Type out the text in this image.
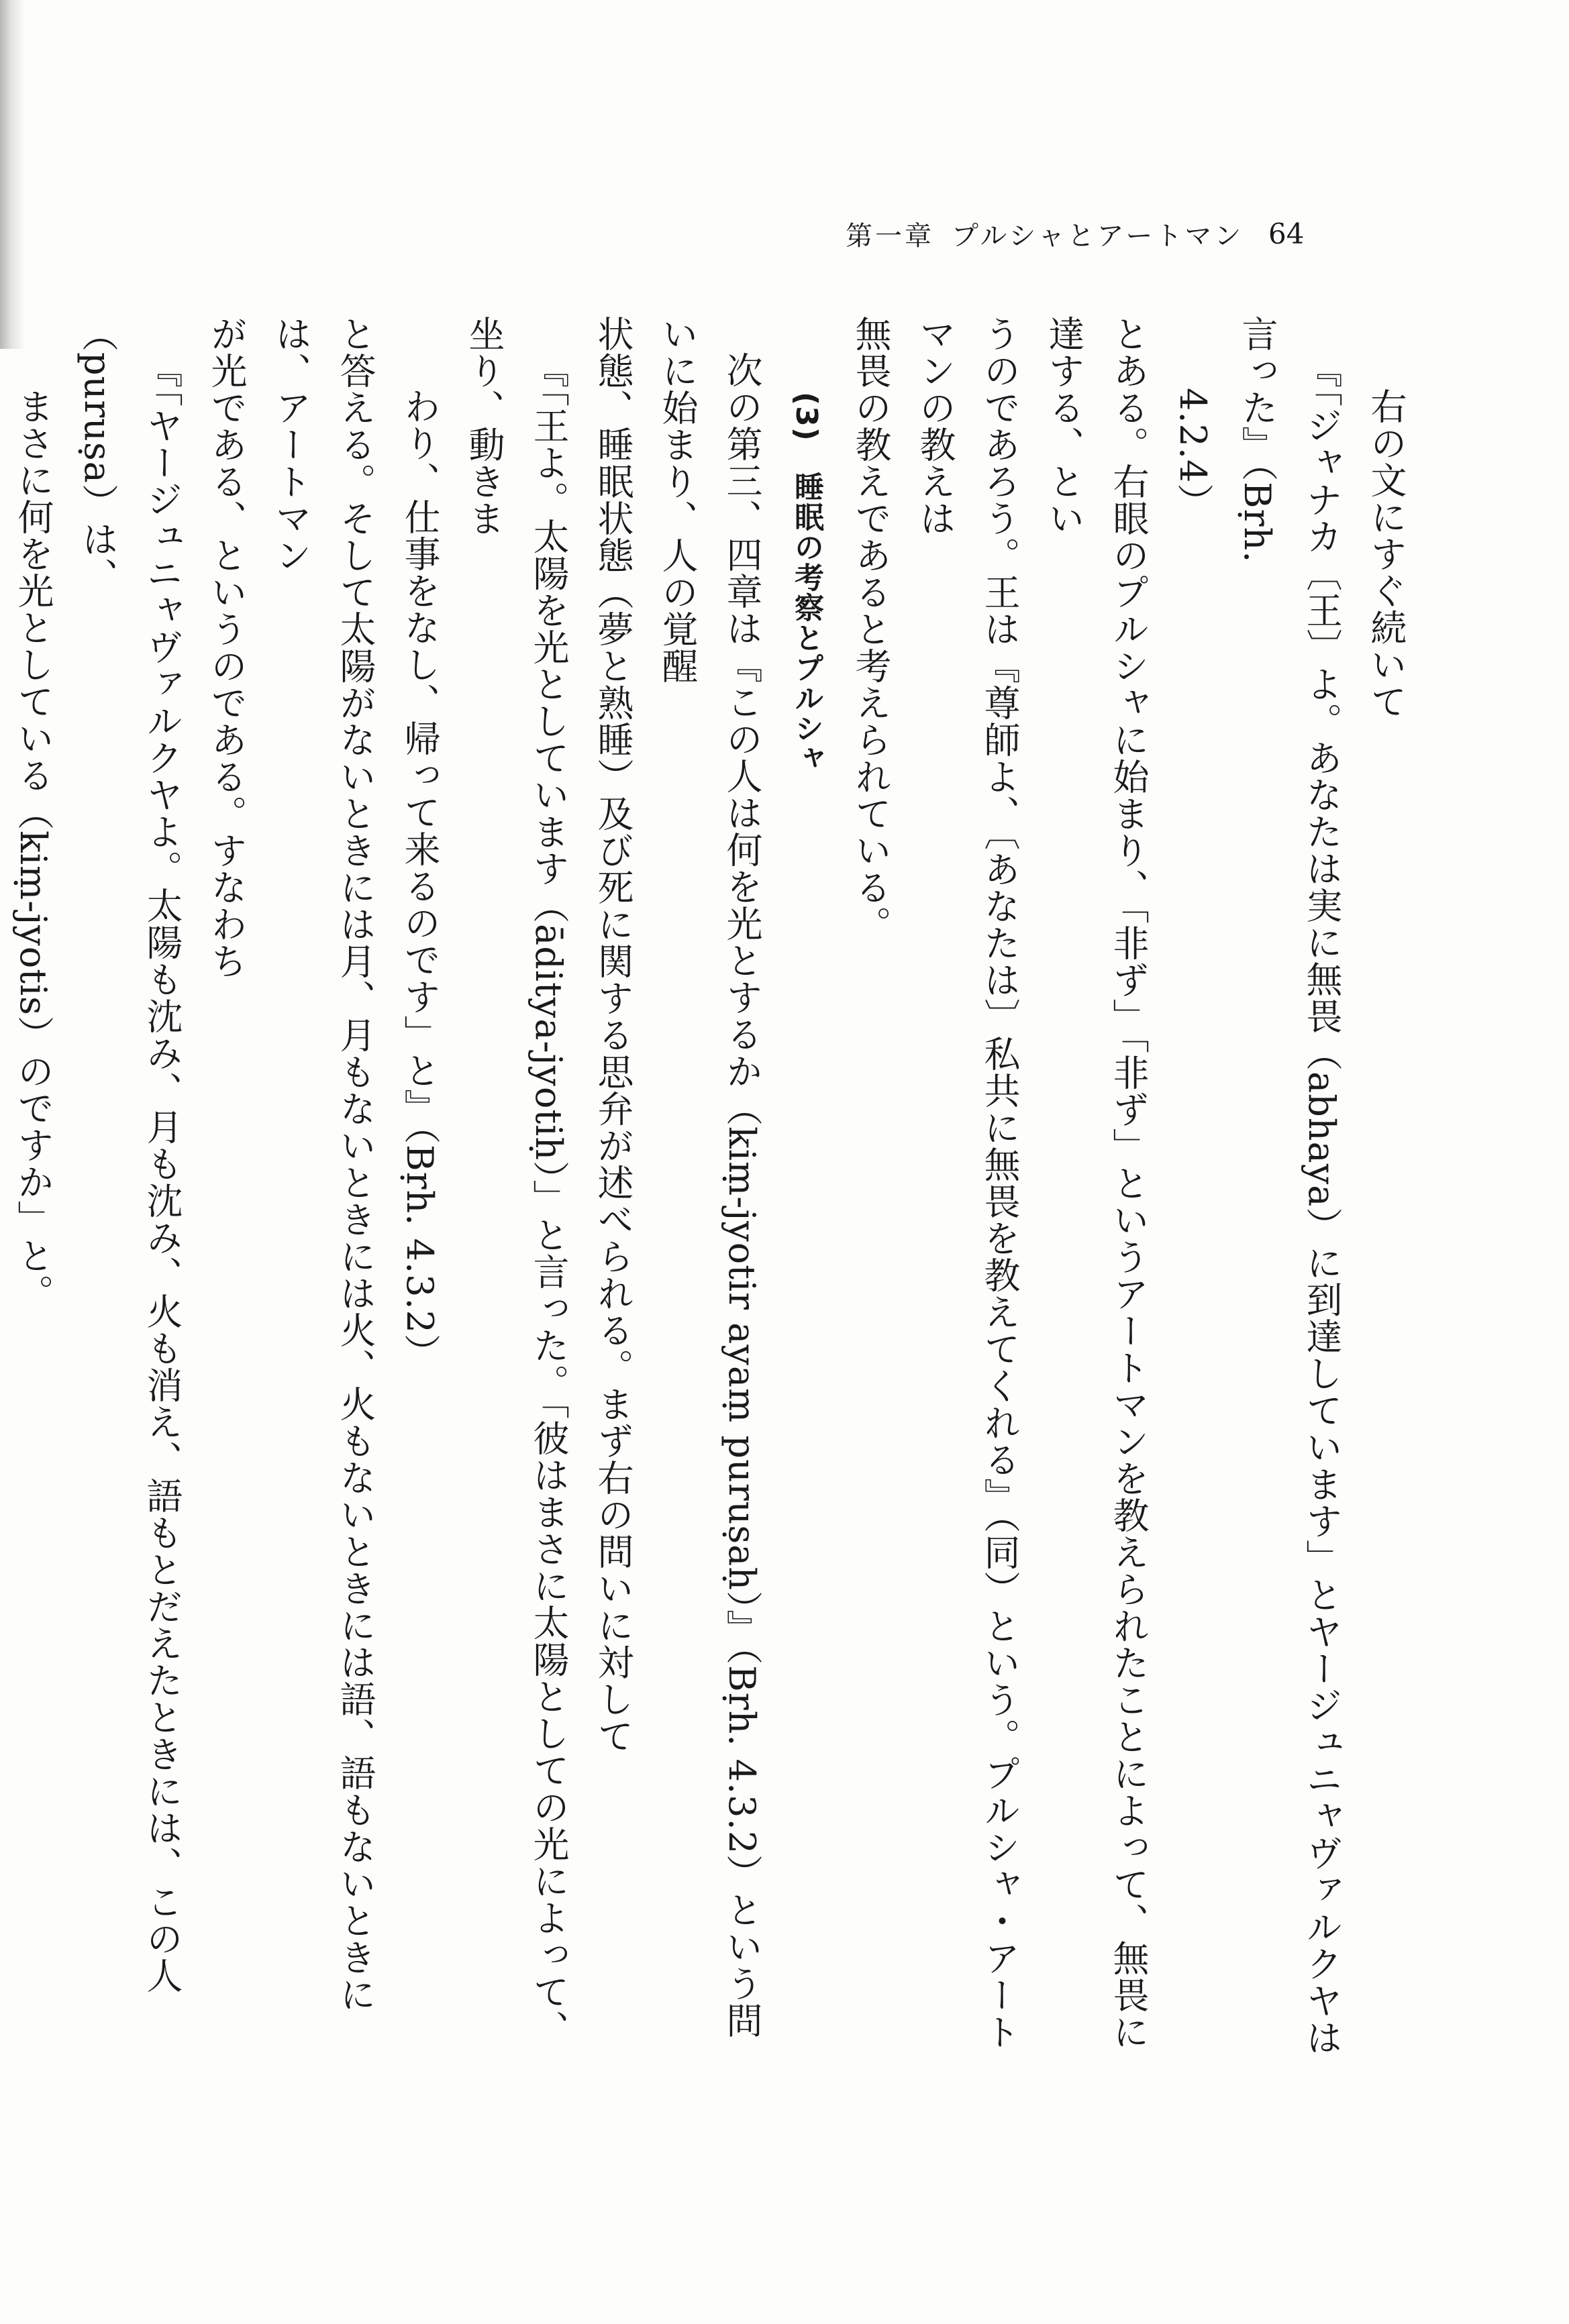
第一章 プルシャとアートマン 64

右の文にすぐ続いて

『「ジャナカ〔王〕よ。あなたは実に無畏（abhaya）に到達しています」とヤージュニャヴァルクヤは言った』（Bṛh.

4.2.4）

とある。右眼のプルシャに始まり、「非ず」「非ず」というアートマンを教えられたことによって、無畏に達する、とい

うのであろう。王は『尊師よ、〔あなたは〕私共に無畏を教えてくれる』（同）という。プルシャ・アートマンの教えは

無畏の教えであると考えられている。

(3)　睡眠の考察とプルシャ

次の第三、四章は『この人は何を光とするか（kiṃ-jyotir ayaṃ puruṣaḥ）』（Bṛh. 4.3.2）という問いに始まり、人の覚醒

状態、睡眠状態（夢と熟睡）及び死に関する思弁が述べられる。まず右の問いに対して

『「王よ。太陽を光としています（āditya-jyotiḥ）」と言った。「彼はまさに太陽としての光によって、坐り、動きま

わり、仕事をなし、帰って来るのです」と』（Bṛh. 4.3.2）

と答える。そして太陽がないときには月、月もないときには火、火もないときには語、語もないときには、アートマン

が光である、というのである。すなわち

『「ヤージュニャヴァルクヤよ。太陽も沈み、月も沈み、火も消え、語もとだえたときには、この人（puruṣa）は、

まさに何を光としている（kiṃ-jyotis）のですか」と。
